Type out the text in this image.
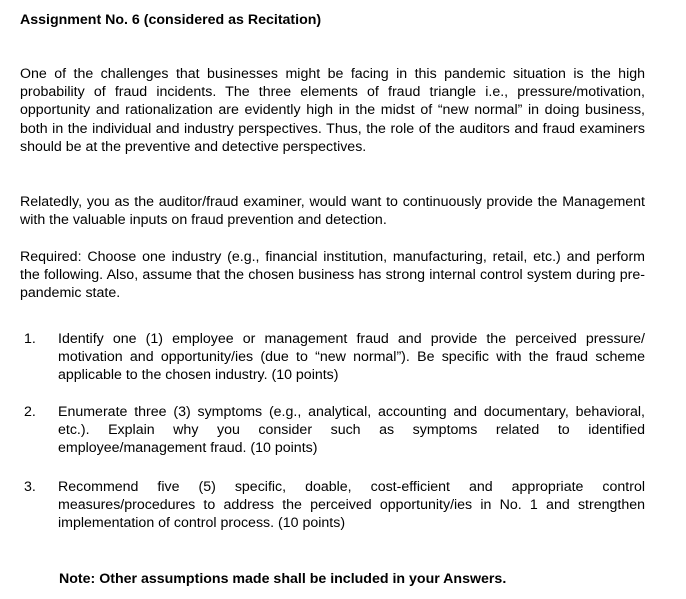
Assignment No. 6 (considered as Recitation)

One of the challenges that businesses might be facing in this pandemic situation is the high probability of fraud incidents. The three elements of fraud triangle i.e., pressure/motivation, opportunity and rationalization are evidently high in the midst of “new normal” in doing business, both in the individual and industry perspectives. Thus, the role of the auditors and fraud examiners should be at the preventive and detective perspectives.

Relatedly, you as the auditor/fraud examiner, would want to continuously provide the Management with the valuable inputs on fraud prevention and detection.

Required: Choose one industry (e.g., financial institution, manufacturing, retail, etc.) and perform the following. Also, assume that the chosen business has strong internal control system during pre-pandemic state.

1. Identify one (1) employee or management fraud and provide the perceived pressure/ motivation and opportunity/ies (due to “new normal”). Be specific with the fraud scheme applicable to the chosen industry. (10 points)

2. Enumerate three (3) symptoms (e.g., analytical, accounting and documentary, behavioral, etc.). Explain why you consider such as symptoms related to identified employee/management fraud. (10 points)

3. Recommend five (5) specific, doable, cost-efficient and appropriate control measures/procedures to address the perceived opportunity/ies in No. 1 and strengthen implementation of control process. (10 points)

Note: Other assumptions made shall be included in your Answers.
